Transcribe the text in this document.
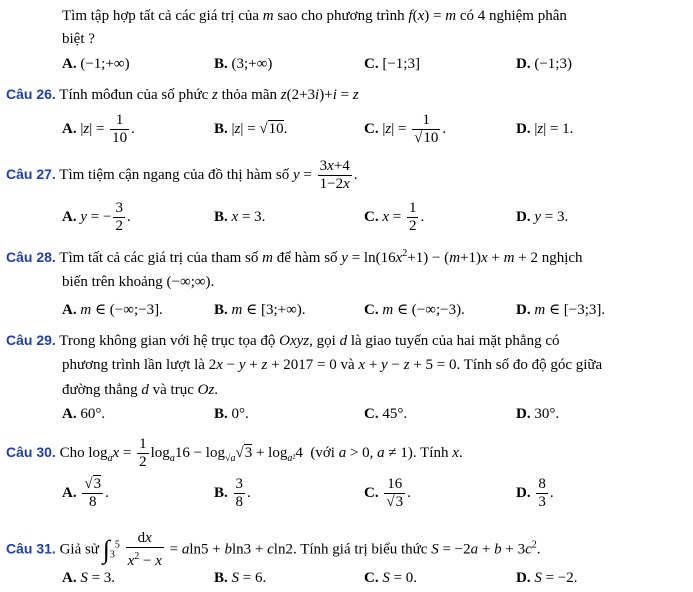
Tìm tập hợp tất cả các giá trị của m sao cho phương trình f(x) = m có 4 nghiệm phân
biệt ?
A. (−1;+∞)	B. (3;+∞)	C. [−1;3]	D. (−1;3)
Câu 26. Tính môđun của số phức z thỏa mãn z(2+3i)+i = z
A. $|z| = \frac{1}{10}$ .	B. |z| = √10.	C. $|z| = \frac{1}{√10}$ .	D. |z| = 1.
Câu 27. Tìm tiệm cận ngang của đồ thị hàm số $y = \frac{3x+4}{1-2x}$ .
A. y = − $\frac{3}{2}$ .	B. x = 3.	C. $x = \frac{1}{2}$ .	D. y = 3.
Câu 28. Tìm tất cả các giá trị của tham số m để hàm số $y = \ln(16x^2+1) - (m+1)x + m + 2$ nghịch
biến trên khoảng (−∞;∞).
A. m ∈ (−∞;−3].	B. m ∈ [3;+∞).	C. m ∈ (−∞;−3).	D. m ∈ [−3;3].
Câu 29. Trong không gian với hệ trục tọa độ Oxyz, gọi d là giao tuyến của hai mặt phẳng có
phương trình lần lượt là 2x − y + z + 2017 = 0 và x + y − z + 5 = 0. Tính số đo độ góc giữa
đường thẳng d và trục Oz.
A. 60°.	B. 0°.	C. 45°.	D. 30°.
Câu 30. Cho $\log_ax = \frac{1}{2} \log_a16 - \log_{√a}√3 + \log_{a^2}4$  (với a > 0, a ≠ 1). Tính x.
A. $\frac{√3}{8}$ .	B. $\frac{3}{8}$ .	C. $\frac{16}{√3}$ .	D. $\frac{8}{3}$ .
Câu 31. Giả sử $\int_3^5 \frac{dx}{x^2 - x} = aln5 + bln3 + cln2$. Tính giá trị biểu thức $S = -2a + b + 3c^2$.
A. S = 3.	B. S = 6.	C. S = 0.	D. S = −2.
